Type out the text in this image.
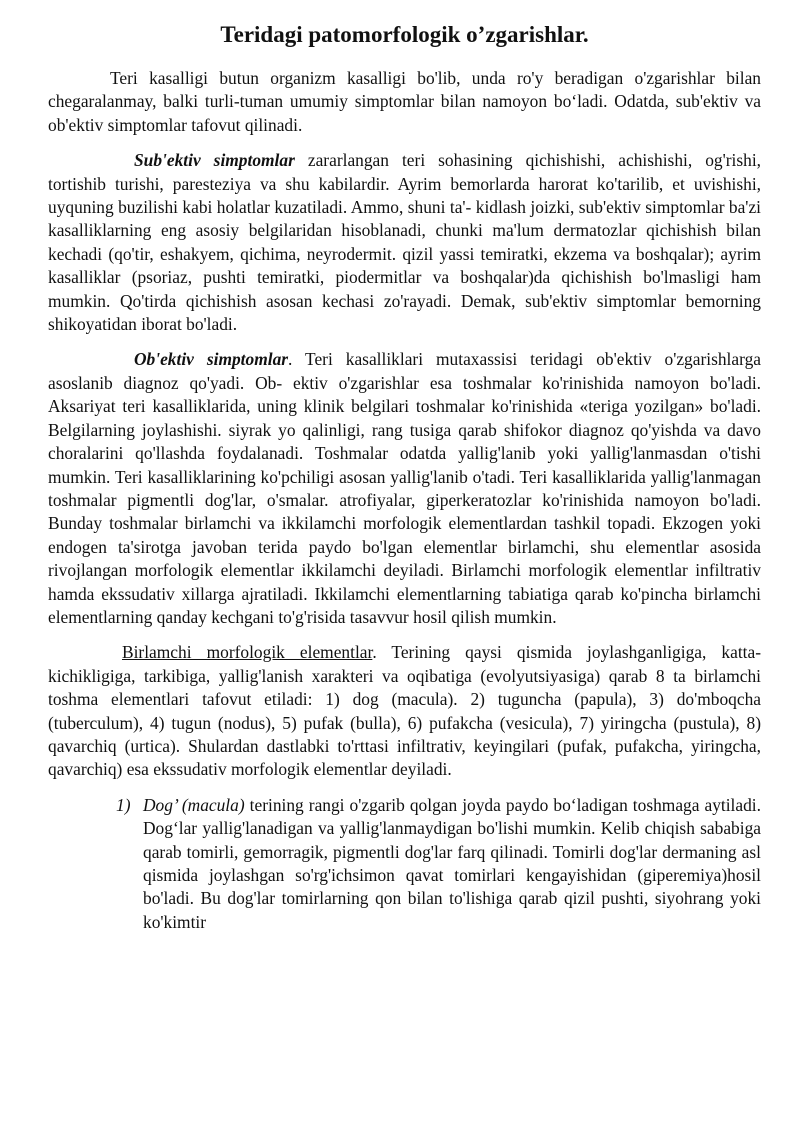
Teridagi patomorfologik o’zgarishlar.

Teri kasalligi butun organizm kasalligi bo'lib, unda ro'y beradigan o'zgarishlar bilan chegaralanmay, balki turli-tuman umumiy simptomlar bilan namoyon bo‘ladi. Odatda, sub'ektiv va ob'ektiv simptomlar tafovut qilinadi.

Sub'ektiv simptomlar zararlangan teri sohasining qichishishi, achishishi, og'rishi, tortishib turishi, paresteziya va shu kabilardir. Ayrim bemorlarda harorat ko'tarilib, et uvishishi, uyquning buzilishi kabi holatlar kuzatiladi. Ammo, shuni ta'- kidlash joizki, sub'ektiv simptomlar ba'zi kasalliklarning eng asosiy belgilaridan hisoblanadi, chunki ma'lum dermatozlar qichishish bilan kechadi (qo'tir, eshakyem, qichima, neyrodermit. qizil yassi temiratki, ekzema va boshqalar); ayrim kasalliklar (psoriaz, pushti temiratki, piodermitlar va boshqalar)da qichishish bo'lmasligi ham mumkin. Qo'tirda qichishish asosan kechasi zo'rayadi. Demak, sub'ektiv simptomlar bemorning shikoyatidan iborat bo'ladi.

Ob'ektiv simptomlar. Teri kasalliklari mutaxassisi teridagi ob'ektiv o'zgarishlarga asoslanib diagnoz qo'yadi. Ob- ektiv o'zgarishlar esa toshmalar ko'rinishida namoyon bo'ladi. Aksariyat teri kasalliklarida, uning klinik belgilari toshmalar ko'rinishida «teriga yozilgan» bo'ladi. Belgilarning joylashishi. siyrak yo qalinligi, rang tusiga qarab shifokor diagnoz qo'yishda va davo choralarini qo'llashda foydalanadi. Toshmalar odatda yallig'lanib yoki yallig'lanmasdan o'tishi mumkin. Teri kasalliklarining ko'pchiligi asosan yallig'lanib o'tadi. Teri kasalliklarida yallig'lanmagan toshmalar pigmentli dog'lar, o'smalar. atrofiyalar, giperkeratozlar ko'rinishida namoyon bo'ladi. Bunday toshmalar birlamchi va ikkilamchi morfologik elementlardan tashkil topadi. Ekzogen yoki endogen ta'sirotga javoban terida paydo bo'lgan elementlar birlamchi, shu elementlar asosida rivojlangan morfologik elementlar ikkilamchi deyiladi. Birlamchi morfologik elementlar infiltrativ hamda ekssudativ xillarga ajratiladi. Ikkilamchi elementlarning tabiatiga qarab ko'pincha birlamchi elementlarning qanday kechgani to'g'risida tasavvur hosil qilish mumkin.

Birlamchi morfologik elementlar. Terining qaysi qismida joylashganligiga, katta-kichikligiga, tarkibiga, yallig'lanish xarakteri va oqibatiga (evolyutsiyasiga) qarab 8 ta birlamchi toshma elementlari tafovut etiladi: 1) dog (macula). 2) tuguncha (papula), 3) do'mboqcha (tuberculum), 4) tugun (nodus), 5) pufak (bulla), 6) pufakcha (vesicula), 7) yiringcha (pustula), 8) qavarchiq (urtica). Shulardan dastlabki to'rttasi infiltrativ, keyingilari (pufak, pufakcha, yiringcha, qavarchiq) esa ekssudativ morfologik elementlar deyiladi.

1) Dog’ (macula) terining rangi o'zgarib qolgan joyda paydo bo‘ladigan toshmaga aytiladi. Dog‘lar yallig'lanadigan va yallig'lanmaydigan bo'lishi mumkin. Kelib chiqish sababiga qarab tomirli, gemorragik, pigmentli dog'lar farq qilinadi. Tomirli dog'lar dermaning asl qismida joylashgan so'rg'ichsimon qavat tomirlari kengayishidan (giperemiya)hosil bo'ladi. Bu dog'lar tomirlarning qon bilan to'lishiga qarab qizil pushti, siyohrang yoki ko'kimtir
